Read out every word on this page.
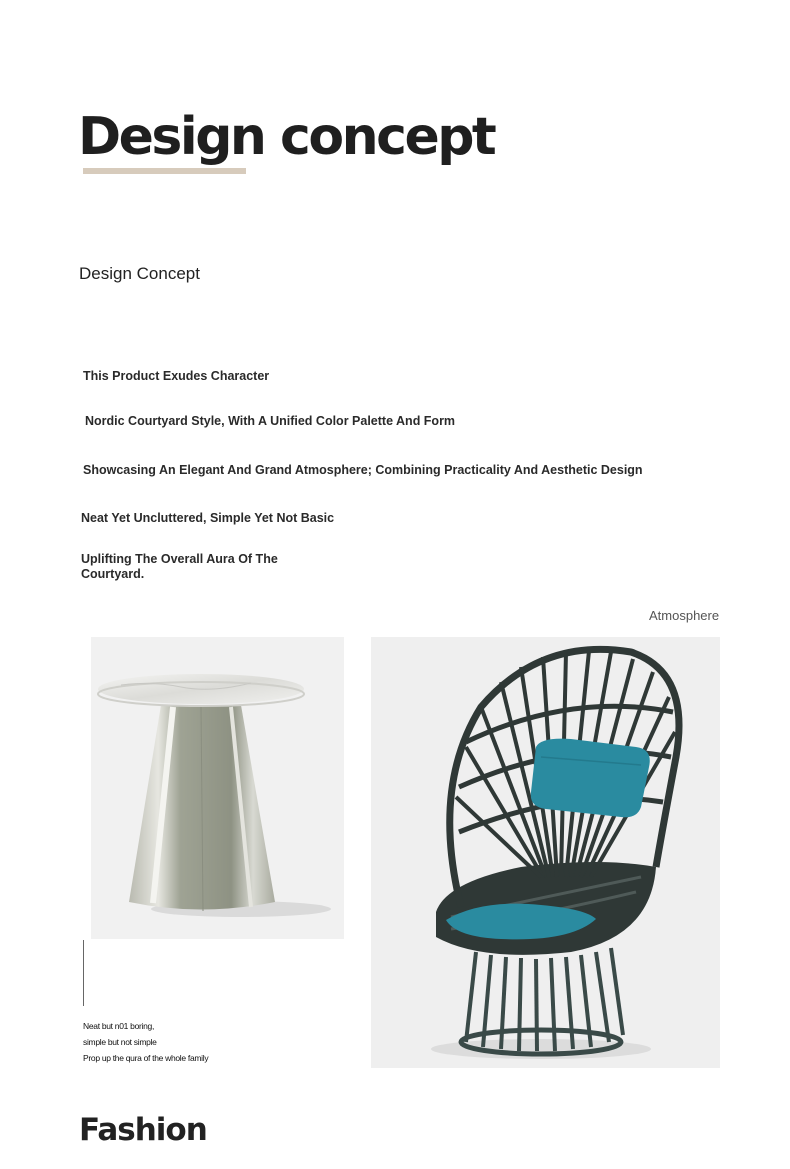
Design concept
Design Concept
This Product Exudes Character
Nordic Courtyard Style, With A Unified Color Palette And Form
Showcasing An Elegant And Grand Atmosphere; Combining Practicality And Aesthetic Design
Neat Yet Uncluttered, Simple Yet Not Basic
Uplifting The Overall Aura Of The Courtyard.
Atmosphere
Neat but n01 boring,
simple but not simple
Prop up the qura of the whole family
Fashion
